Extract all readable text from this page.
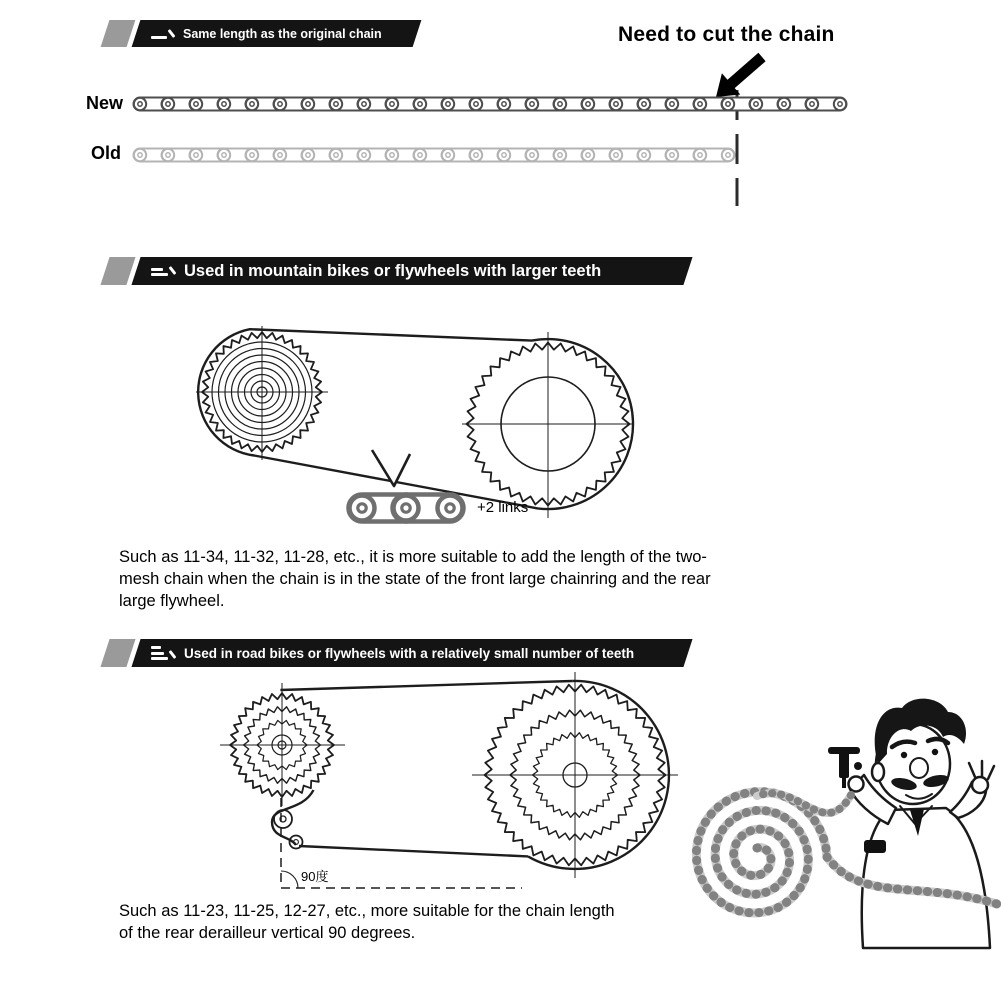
Same length as the original chain	Need to cut the chain
New
Old
Used in mountain bikes or flywheels with larger teeth
+2 links
Such as 11-34, 11-32, 11-28, etc., it is more suitable to add the length of the two-mesh chain when the chain is in the state of the front large chainring and the rear large flywheel.
Used in road bikes or flywheels with a relatively small number of teeth
90度
Such as 11-23, 11-25, 12-27, etc., more suitable for the chain length of the rear derailleur vertical 90 degrees.
